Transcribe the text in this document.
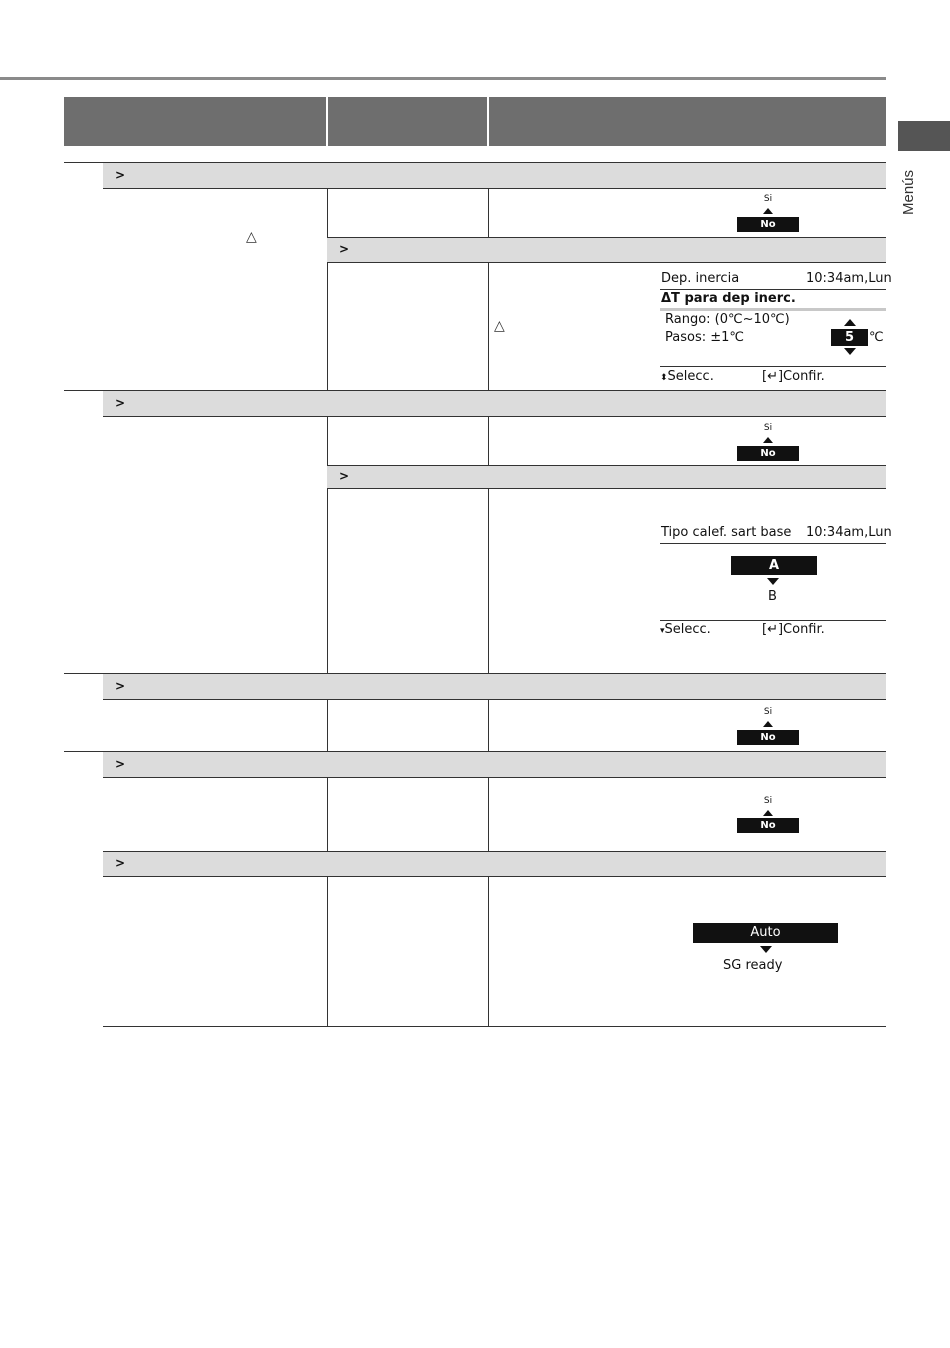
Menús
>
△
Si
No
>
△
Dep. inercia	10:34am,Lun
ΔT para dep inerc.
Rango: (0℃~10℃)
Pasos: ±1℃	5	℃
⬍Selecc.	[↵]Confir.
>
Si
No
>
Tipo calef. sart base 10:34am,Lun
A
B
▾Selecc.	[↵]Confir.
>
Si
No
>
Si
No
>
Auto
SG ready
